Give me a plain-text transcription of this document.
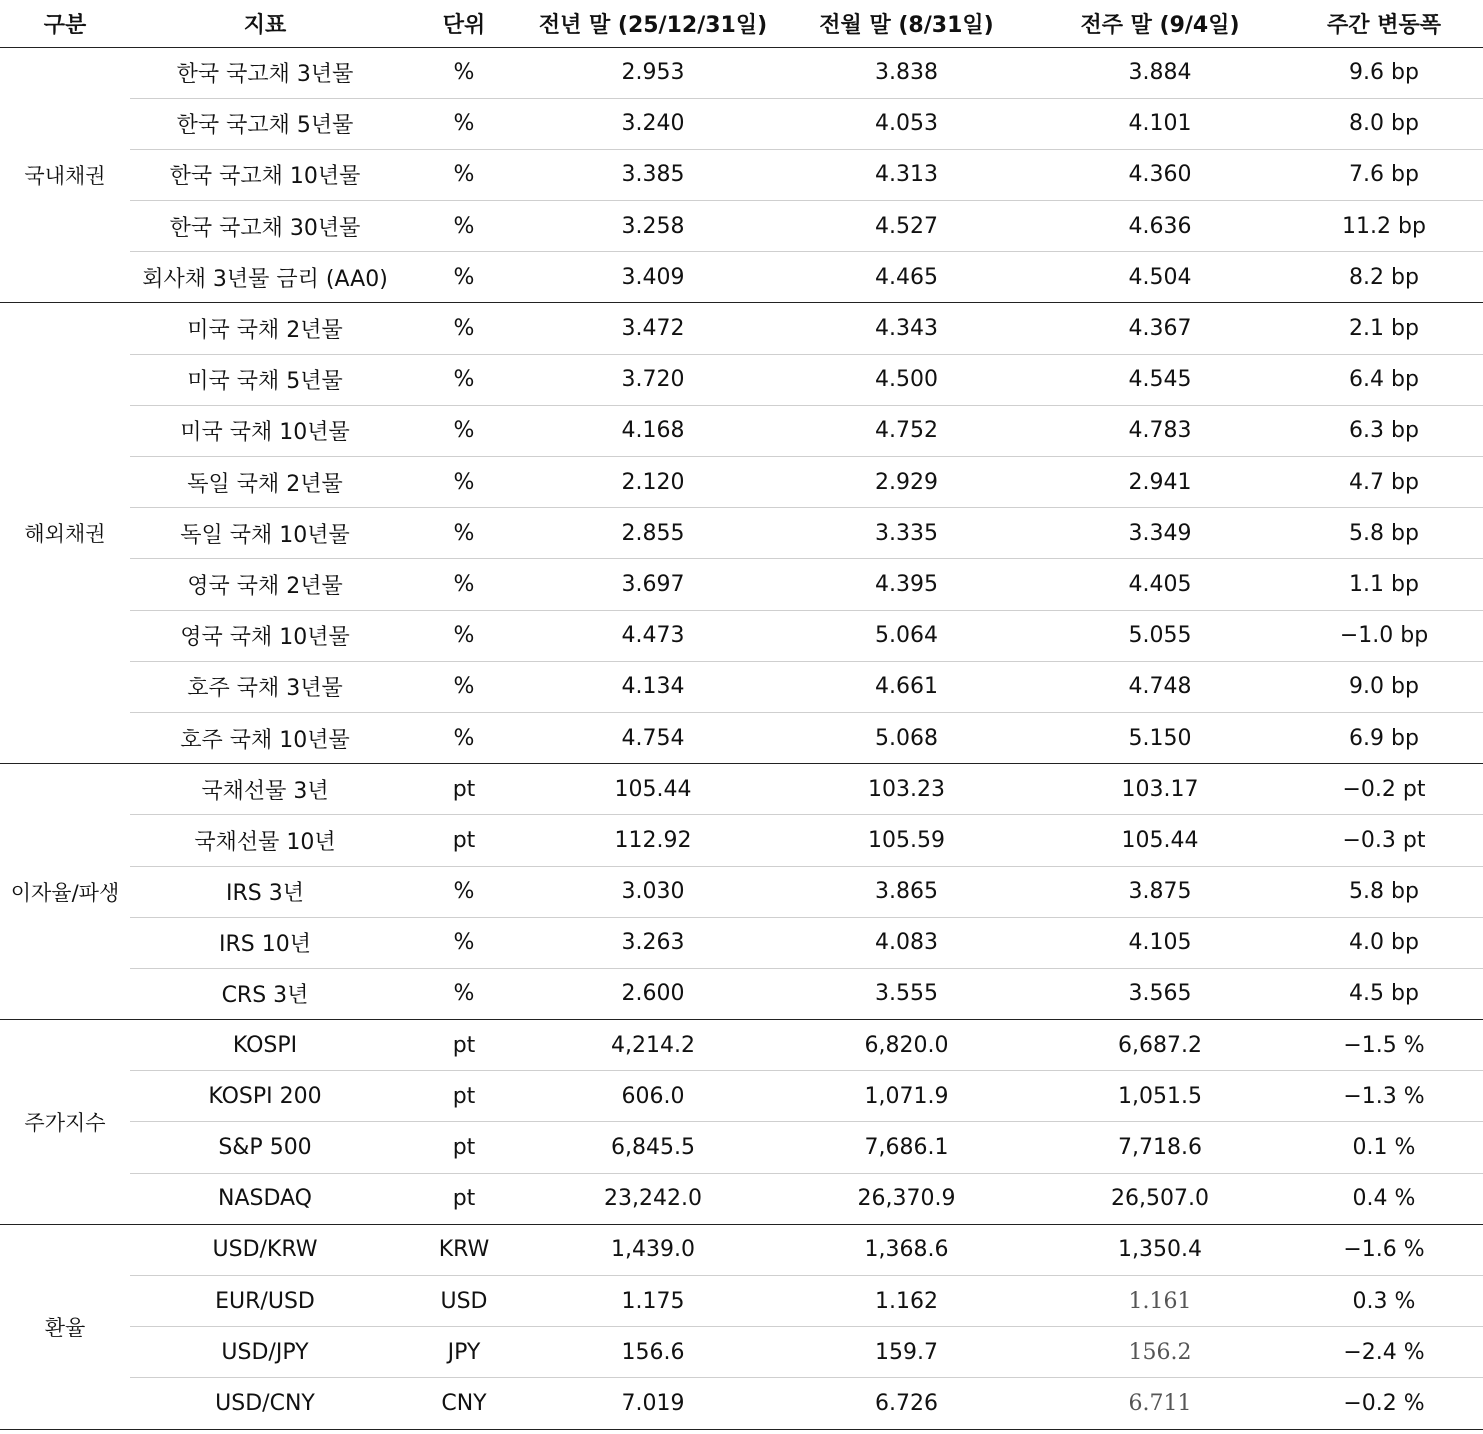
구분	지표	단위	전년 말 (25/12/31일)	전월 말 (8/31일)	전주 말 (9/4일)	주간 변동폭
국내채권	한국 국고채 3년물	%	2.953	3.838	3.884	9.6 bp
	한국 국고채 5년물	%	3.240	4.053	4.101	8.0 bp
	한국 국고채 10년물	%	3.385	4.313	4.360	7.6 bp
	한국 국고채 30년물	%	3.258	4.527	4.636	11.2 bp
	회사채 3년물 금리 (AA0)	%	3.409	4.465	4.504	8.2 bp
해외채권	미국 국채 2년물	%	3.472	4.343	4.367	2.1 bp
	미국 국채 5년물	%	3.720	4.500	4.545	6.4 bp
	미국 국채 10년물	%	4.168	4.752	4.783	6.3 bp
	독일 국채 2년물	%	2.120	2.929	2.941	4.7 bp
	독일 국채 10년물	%	2.855	3.335	3.349	5.8 bp
	영국 국채 2년물	%	3.697	4.395	4.405	1.1 bp
	영국 국채 10년물	%	4.473	5.064	5.055	−1.0 bp
	호주 국채 3년물	%	4.134	4.661	4.748	9.0 bp
	호주 국채 10년물	%	4.754	5.068	5.150	6.9 bp
이자율/파생	국채선물 3년	pt	105.44	103.23	103.17	−0.2 pt
	국채선물 10년	pt	112.92	105.59	105.44	−0.3 pt
	IRS 3년	%	3.030	3.865	3.875	5.8 bp
	IRS 10년	%	3.263	4.083	4.105	4.0 bp
	CRS 3년	%	2.600	3.555	3.565	4.5 bp
주가지수	KOSPI	pt	4,214.2	6,820.0	6,687.2	−1.5 %
	KOSPI 200	pt	606.0	1,071.9	1,051.5	−1.3 %
	S&P 500	pt	6,845.5	7,686.1	7,718.6	0.1 %
	NASDAQ	pt	23,242.0	26,370.9	26,507.0	0.4 %
환율	USD/KRW	KRW	1,439.0	1,368.6	1,350.4	−1.6 %
	EUR/USD	USD	1.175	1.162	1.161	0.3 %
	USD/JPY	JPY	156.6	159.7	156.2	−2.4 %
	USD/CNY	CNY	7.019	6.726	6.711	−0.2 %
